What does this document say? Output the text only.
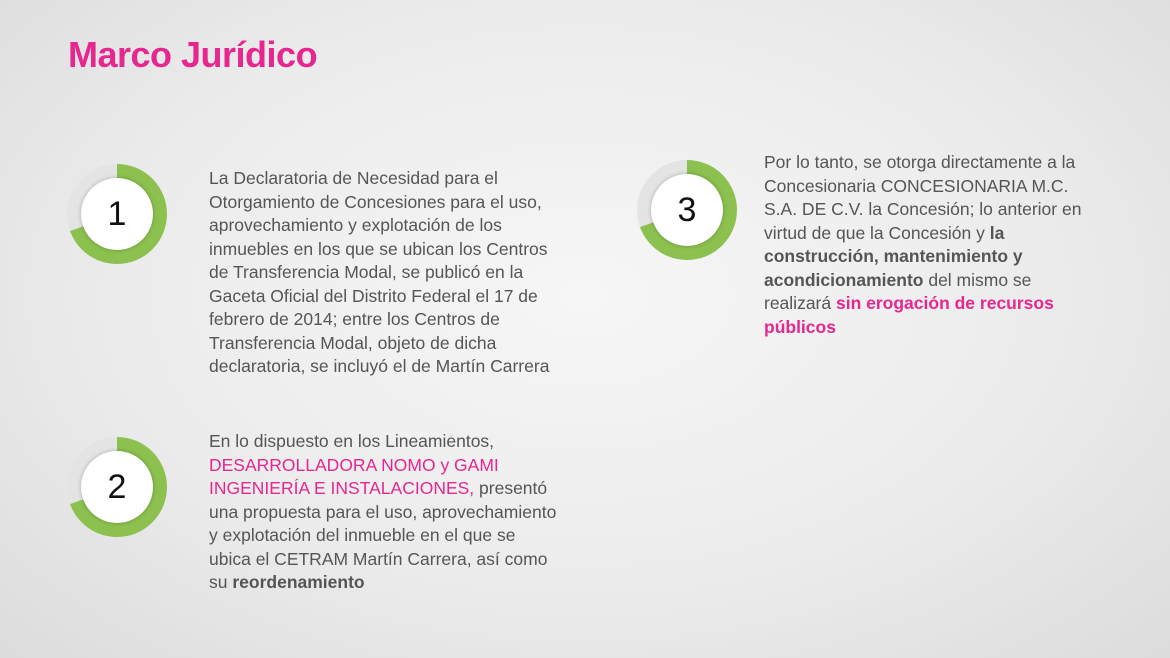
Marco Jurídico
1
La Declaratoria de Necesidad para el
Otorgamiento de Concesiones para el uso,
aprovechamiento y explotación de los
inmuebles en los que se ubican los Centros
de Transferencia Modal, se publicó en la
Gaceta Oficial del Distrito Federal el 17 de
febrero de 2014; entre los Centros de
Transferencia Modal, objeto de dicha
declaratoria, se incluyó el de Martín Carrera
2
En lo dispuesto en los Lineamientos,
DESARROLLADORA NOMO y GAMI
INGENIERÍA E INSTALACIONES, presentó
una propuesta para el uso, aprovechamiento
y explotación del inmueble en el que se
ubica el CETRAM Martín Carrera, así como
su reordenamiento
3
Por lo tanto, se otorga directamente a la
Concesionaria CONCESIONARIA M.C.
S.A. DE C.V. la Concesión; lo anterior en
virtud de que la Concesión y la
construcción, mantenimiento y
acondicionamiento del mismo se
realizará sin erogación de recursos
públicos
